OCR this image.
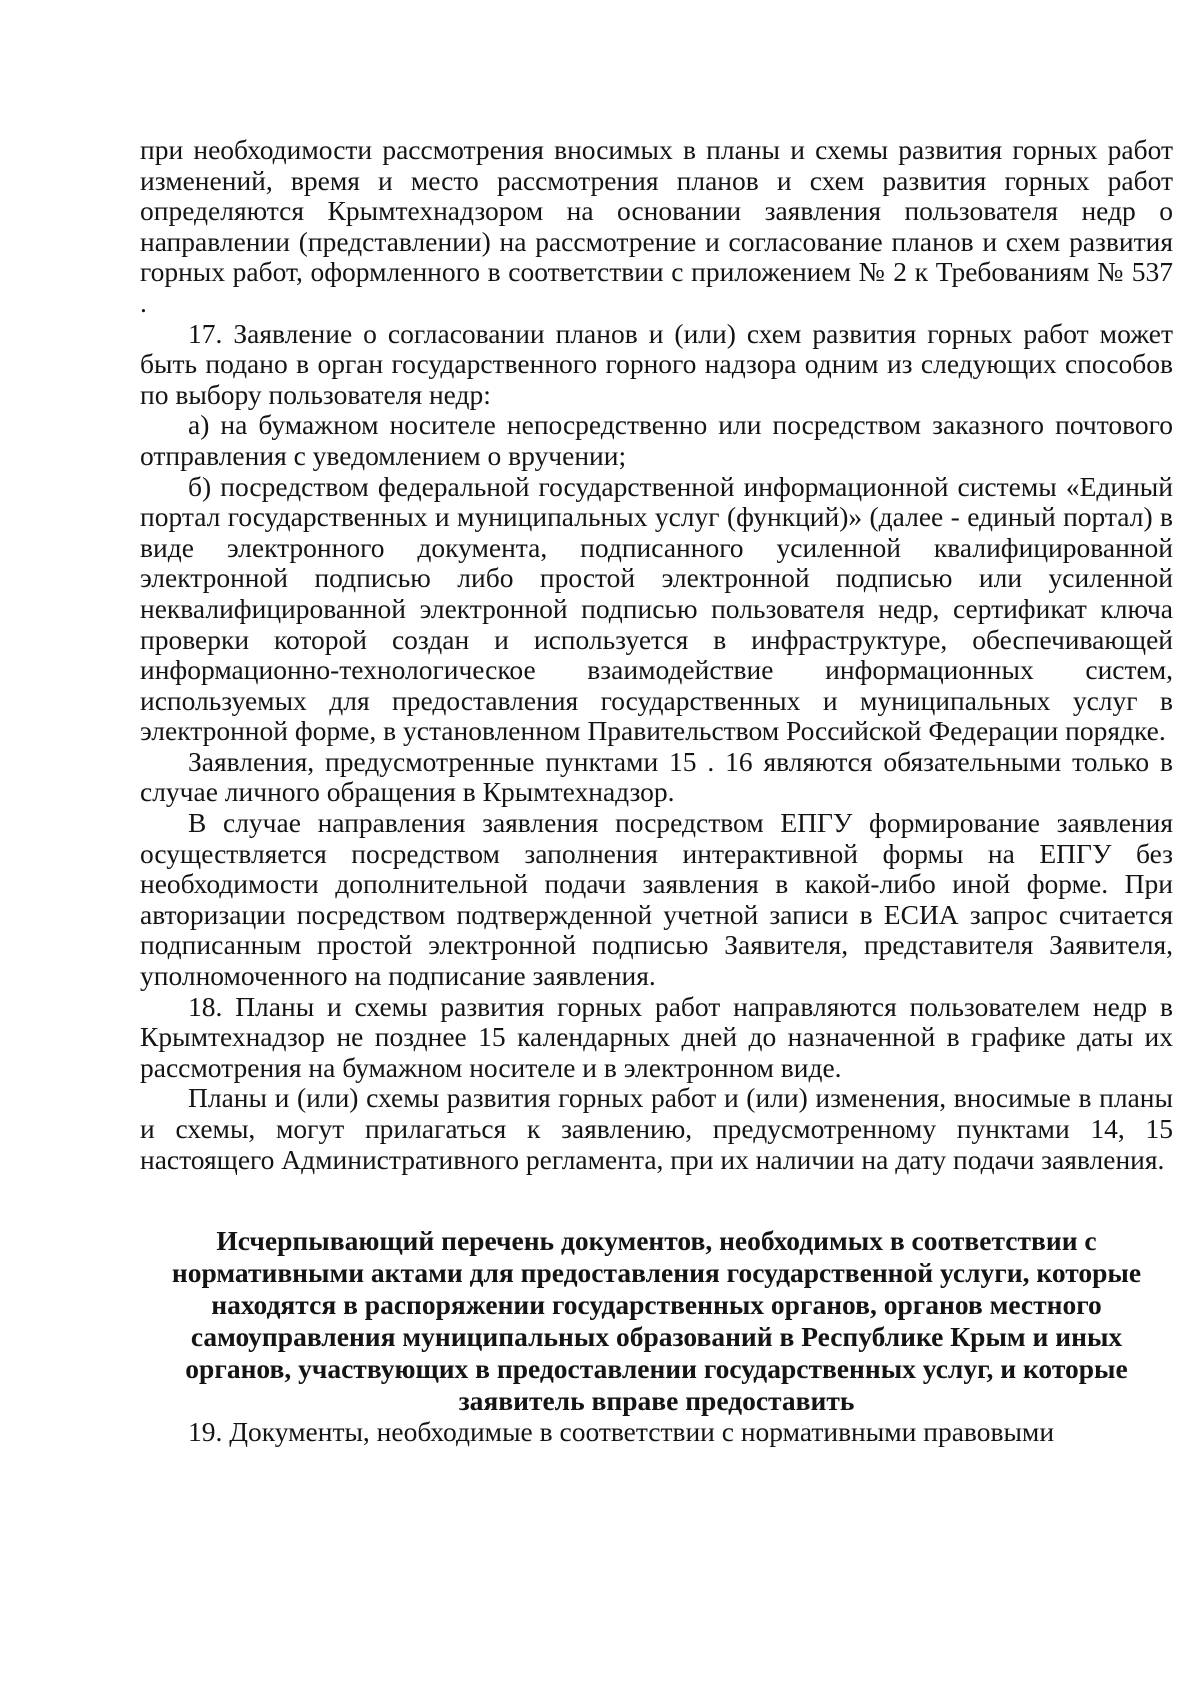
при необходимости рассмотрения вносимых в планы и схемы развития горных работ изменений, время и место рассмотрения планов и схем развития горных работ определяются Крымтехнадзором на основании заявления пользователя недр о направлении (представлении) на рассмотрение и согласование планов и схем развития горных работ, оформленного в соответствии с приложением № 2 к Требованиям № 537 .

17. Заявление о согласовании планов и (или) схем развития горных работ может быть подано в орган государственного горного надзора одним из следующих способов по выбору пользователя недр:

а) на бумажном носителе непосредственно или посредством заказного почтового отправления с уведомлением о вручении;

б) посредством федеральной государственной информационной системы «Единый портал государственных и муниципальных услуг (функций)» (далее - единый портал) в виде электронного документа, подписанного усиленной квалифицированной электронной подписью либо простой электронной подписью или усиленной неквалифицированной электронной подписью пользователя недр, сертификат ключа проверки которой создан и используется в инфраструктуре, обеспечивающей информационно-технологическое взаимодействие информационных систем, используемых для предоставления государственных и муниципальных услуг в электронной форме, в установленном Правительством Российской Федерации порядке.

Заявления, предусмотренные пунктами 15 . 16 являются обязательными только в случае личного обращения в Крымтехнадзор.

В случае направления заявления посредством ЕПГУ формирование заявления осуществляется посредством заполнения интерактивной формы на ЕПГУ без необходимости дополнительной подачи заявления в какой-либо иной форме. При авторизации посредством подтвержденной учетной записи в ЕСИА запрос считается подписанным простой электронной подписью Заявителя, представителя Заявителя, уполномоченного на подписание заявления.

18. Планы и схемы развития горных работ направляются пользователем недр в Крымтехнадзор не позднее 15 календарных дней до назначенной в графике даты их рассмотрения на бумажном носителе и в электронном виде.

Планы и (или) схемы развития горных работ и (или) изменения, вносимые в планы и схемы, могут прилагаться к заявлению, предусмотренному пунктами 14, 15 настоящего Административного регламента, при их наличии на дату подачи заявления.

Исчерпывающий перечень документов, необходимых в соответствии с нормативными актами для предоставления государственной услуги, которые находятся в распоряжении государственных органов, органов местного самоуправления муниципальных образований в Республике Крым и иных органов, участвующих в предоставлении государственных услуг, и которые заявитель вправе предоставить

19. Документы, необходимые в соответствии с нормативными правовыми
